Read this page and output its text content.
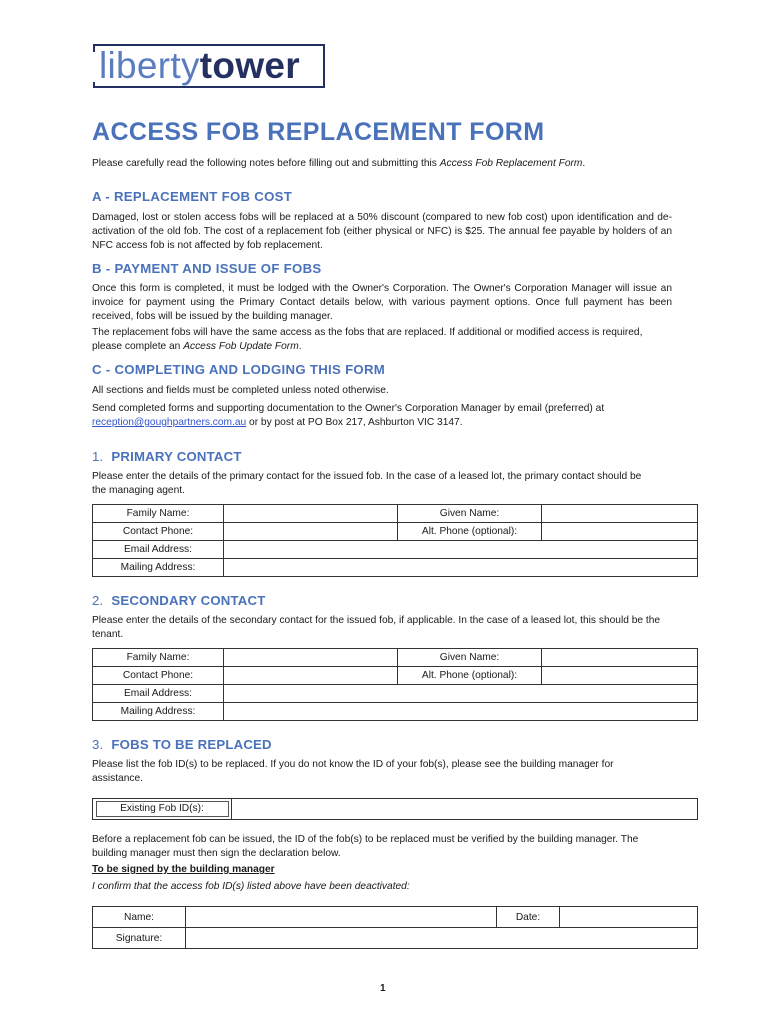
libertytower
ACCESS FOB REPLACEMENT FORM

Please carefully read the following notes before filling out and submitting this Access Fob Replacement Form.

A - REPLACEMENT FOB COST

Damaged, lost or stolen access fobs will be replaced at a 50% discount (compared to new fob cost) upon identification and de-activation of the old fob. The cost of a replacement fob (either physical or NFC) is $25. The annual fee payable by holders of an NFC access fob is not affected by fob replacement.

B - PAYMENT AND ISSUE OF FOBS

Once this form is completed, it must be lodged with the Owner's Corporation. The Owner's Corporation Manager will issue an invoice for payment using the Primary Contact details below, with various payment options. Once full payment has been received, fobs will be issued by the building manager.

The replacement fobs will have the same access as the fobs that are replaced. If additional or modified access is required, please complete an Access Fob Update Form.

C - COMPLETING AND LODGING THIS FORM

All sections and fields must be completed unless noted otherwise.

Send completed forms and supporting documentation to the Owner's Corporation Manager by email (preferred) at reception@goughpartners.com.au or by post at PO Box 217, Ashburton VIC 3147.

1. PRIMARY CONTACT

Please enter the details of the primary contact for the issued fob. In the case of a leased lot, the primary contact should be the managing agent.

Family Name:		Given Name:	
Contact Phone:		Alt. Phone (optional):	
Email Address:			
Mailing Address:			
2. SECONDARY CONTACT

Please enter the details of the secondary contact for the issued fob, if applicable. In the case of a leased lot, this should be the tenant.

Family Name:		Given Name:	
Contact Phone:		Alt. Phone (optional):	
Email Address:			
Mailing Address:			
3. FOBS TO BE REPLACED

Please list the fob ID(s) to be replaced. If you do not know the ID of your fob(s), please see the building manager for assistance.

Existing Fob ID(s):

Before a replacement fob can be issued, the ID of the fob(s) to be replaced must be verified by the building manager. The building manager must then sign the declaration below.

To be signed by the building manager

I confirm that the access fob ID(s) listed above have been deactivated:

Name:		Date:	
Signature:			
1
